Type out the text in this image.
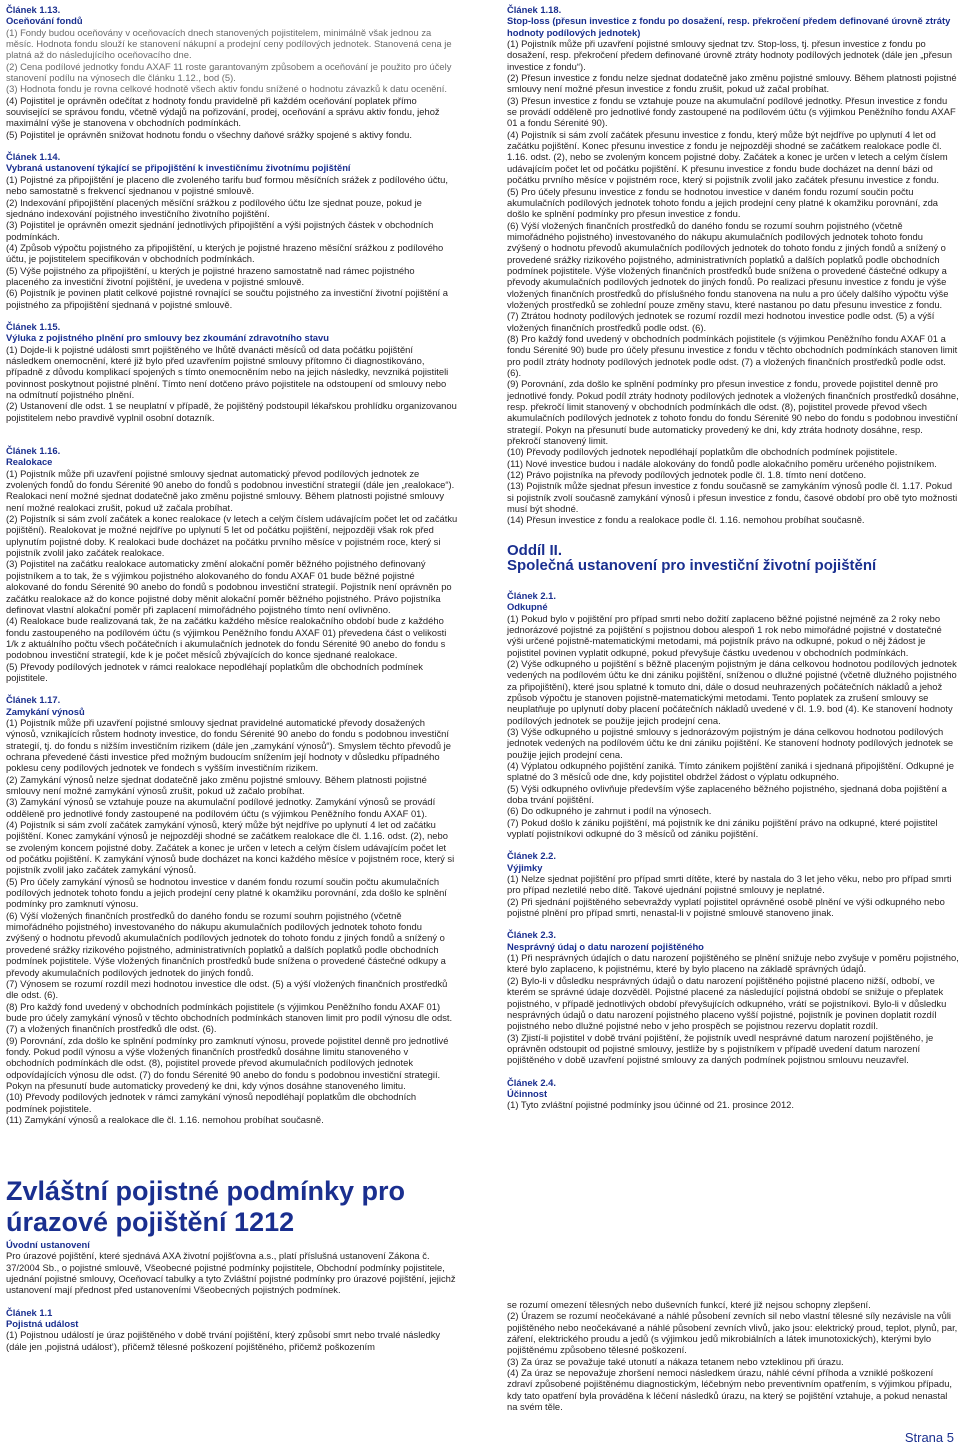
Článek 1.13.

Oceňování fondů

(1) Fondy budou oceňovány v oceňovacích dnech stanovených pojistitelem, minimálně však jednou za měsíc. Hodnota fondu slouží ke stanovení nákupní a prodejní ceny podílových jednotek. Stanovená cena je platná až do následujícího oceňovacího dne.

(2) Cena podílové jednotky fondu AXAF 11 roste garantovaným způsobem a oceňování je použito pro účely stanovení podílu na výnosech dle článku 1.12., bod (5).

(3) Hodnota fondu je rovna celkové hodnotě všech aktiv fondu snížené o hodnotu závazků k datu ocenění.

(4) Pojistitel je oprávněn odečítat z hodnoty fondu pravidelně při každém oceňování poplatek přímo související se správou fondu, včetně výdajů na pořizování, prodej, oceňování a správu aktiv fondu, jehož maximální výše je stanovena v obchodních podmínkách.

(5) Pojistitel je oprávněn snižovat hodnotu fondu o všechny daňové srážky spojené s aktivy fondu.

Článek 1.14.

Vybraná ustanovení týkající se připojištění k investičnímu životnímu pojištění

(1) Pojistné za připojištění je placeno dle zvoleného tarifu buď formou měsíčních srážek z podílového účtu, nebo samostatně s frekvencí sjednanou v pojistné smlouvě.

(2) Indexování připojištění placených měsíční srážkou z podílového účtu lze sjednat pouze, pokud je sjednáno indexování pojistného investičního životního pojištění.

(3) Pojistitel je oprávněn omezit sjednání jednotlivých připojištění a výši pojistných částek v obchodních podmínkách.

(4) Způsob výpočtu pojistného za připojištění, u kterých je pojistné hrazeno měsíční srážkou z podílového účtu, je pojistitelem specifikován v obchodních podmínkách.

(5) Výše pojistného za připojištění, u kterých je pojistné hrazeno samostatně nad rámec pojistného placeného za investiční životní pojištění, je uvedena v pojistné smlouvě.

(6) Pojistník je povinen platit celkové pojistné rovnající se součtu pojistného za investiční životní pojištění a pojistného za připojištění sjednaná v pojistné smlouvě.

Článek 1.15.

Výluka z pojistného plnění pro smlouvy bez zkoumání zdravotního stavu

(1) Dojde-li k pojistné události smrt pojištěného ve lhůtě dvanácti měsíců od data počátku pojištění následkem onemocnění, které již bylo před uzavřením pojistné smlouvy přítomno či diagnostikováno, případně z důvodu komplikací spojených s tímto onemocněním nebo na jejich následky, nevzniká pojistiteli povinnost poskytnout pojistné plnění. Tímto není dotčeno právo pojistitele na odstoupení od smlouvy nebo na odmítnutí pojistného plnění.

(2) Ustanovení dle odst. 1 se neuplatní v případě, že pojištěný podstoupil lékařskou prohlídku organizovanou pojistitelem nebo pravdivě vyplnil osobní dotazník.

Článek 1.16.

Realokace

(1) Pojistník může při uzavření pojistné smlouvy sjednat automatický převod podílových jednotek ze zvolených fondů do fondu Sérenité 90 anebo do fondů s podobnou investiční strategií (dále jen „realokace“). Realokaci není možné sjednat dodatečně jako změnu pojistné smlouvy. Během platnosti pojistné smlouvy není možné realokaci zrušit, pokud už začala probíhat.

(2) Pojistník si sám zvolí začátek a konec realokace (v letech a celým číslem udávajícím počet let od začátku pojištění). Realokovat je možné nejdříve po uplynutí 5 let od počátku pojištění, nejpozději však rok před uplynutím pojistné doby. K realokaci bude docházet na počátku prvního měsíce v pojistném roce, který si pojistník zvolil jako začátek realokace.

(3) Pojistitel na začátku realokace automaticky změní alokační poměr běžného pojistného definovaný pojistníkem a to tak, že s výjimkou pojistného alokovaného do fondu AXAF 01 bude běžné pojistné alokované do fondu Sérenité 90 anebo do fondů s podobnou investiční strategií. Pojistník není oprávněn po začátku realokace až do konce pojistné doby měnit alokační poměr běžného pojistného. Právo pojistníka definovat vlastní alokační poměr při zaplacení mimořádného pojistného tímto není ovlivněno.

(4) Realokace bude realizovaná tak, že na začátku každého měsíce realokačního období bude z každého fondu zastoupeného na podílovém účtu (s výjimkou Peněžního fondu AXAF 01) převedena část o velikosti 1/k z aktuálního počtu všech počátečních i akumulačních jednotek do fondu Sérenité 90 anebo do fondu s podobnou investiční strategií, kde k je počet měsíců zbývajících do konce sjednané realokace.

(5) Převody podílových jednotek v rámci realokace nepodléhají poplatkům dle obchodních podmínek pojistitele.

Článek 1.17.

Zamykání výnosů

(1) Pojistník může při uzavření pojistné smlouvy sjednat pravidelné automatické převody dosažených výnosů, vznikajících růstem hodnoty investice, do fondu Sérenité 90 anebo do fondu s podobnou investiční strategií, tj. do fondu s nižším investičním rizikem (dále jen „zamykání výnosů“). Smyslem těchto převodů je ochrana převedené části investice před možným budoucím snížením její hodnoty v důsledku případného poklesu ceny podílových jednotek ve fondech s vyšším investičním rizikem.

(2) Zamykání výnosů nelze sjednat dodatečně jako změnu pojistné smlouvy. Během platnosti pojistné smlouvy není možné zamykání výnosů zrušit, pokud už začalo probíhat.

(3) Zamykání výnosů se vztahuje pouze na akumulační podílové jednotky. Zamykání výnosů se provádí odděleně pro jednotlivé fondy zastoupené na podílovém účtu (s výjimkou Peněžního fondu AXAF 01).

(4) Pojistník si sám zvolí začátek zamykání výnosů, který může být nejdříve po uplynutí 4 let od začátku pojištění. Konec zamykání výnosů je nejpozději shodné se začátkem realokace dle čl. 1.16. odst. (2), nebo se zvoleným koncem pojistné doby. Začátek a konec je určen v letech a celým číslem udávajícím počet let od počátku pojištění. K zamykání výnosů bude docházet na konci každého měsíce v pojistném roce, který si pojistník zvolil jako začátek zamykání výnosů.

(5) Pro účely zamykání výnosů se hodnotou investice v daném fondu rozumí součin počtu akumulačních podílových jednotek tohoto fondu a jejich prodejní ceny platné k okamžiku porovnání, zda došlo ke splnění podmínky pro zamknutí výnosu.

(6) Výší vložených finančních prostředků do daného fondu se rozumí souhrn pojistného (včetně mimořádného pojistného) investovaného do nákupu akumulačních podílových jednotek tohoto fondu zvýšený o hodnotu převodů akumulačních podílových jednotek do tohoto fondu z jiných fondů a snížený o provedené srážky rizikového pojistného, administrativních poplatků a dalších poplatků podle obchodních podmínek pojistitele. Výše vložených finančních prostředků bude snížena o provedené částečné odkupy a převody akumulačních podílových jednotek do jiných fondů.

(7) Výnosem se rozumí rozdíl mezi hodnotou investice dle odst. (5) a výší vložených finančních prostředků dle odst. (6).

(8) Pro každý fond uvedený v obchodních podmínkách pojistitele (s výjimkou Peněžního fondu AXAF 01) bude pro účely zamykání výnosů v těchto obchodních podmínkách stanoven limit pro podíl výnosu dle odst. (7) a vložených finančních prostředků dle odst. (6).

(9) Porovnání, zda došlo ke splnění podmínky pro zamknutí výnosu, provede pojistitel denně pro jednotlivé fondy. Pokud podíl výnosu a výše vložených finančních prostředků dosáhne limitu stanoveného v obchodních podmínkách dle odst. (8), pojistitel provede převod akumulačních podílových jednotek odpovídajících výnosu dle odst. (7) do fondu Sérenité 90 anebo do fondu s podobnou investiční strategií. Pokyn na přesunutí bude automaticky provedený ke dni, kdy výnos dosáhne stanoveného limitu.

(10) Převody podílových jednotek v rámci zamykání výnosů nepodléhají poplatkům dle obchodních podmínek pojistitele.

(11) Zamykání výnosů a realokace dle čl. 1.16. nemohou probíhat současně.

Článek 1.18.

Stop-loss (přesun investice z fondu po dosažení, resp. překročení předem definované úrovně ztráty hodnoty podílových jednotek)

(1) Pojistník může při uzavření pojistné smlouvy sjednat tzv. Stop-loss, tj. přesun investice z fondu po dosažení, resp. překročení předem definované úrovně ztráty hodnoty podílových jednotek (dále jen „přesun investice z fondu“).

(2) Přesun investice z fondu nelze sjednat dodatečně jako změnu pojistné smlouvy. Během platnosti pojistné smlouvy není možné přesun investice z fondu zrušit, pokud už začal probíhat.

(3) Přesun investice z fondu se vztahuje pouze na akumulační podílové jednotky. Přesun investice z fondu se provádí odděleně pro jednotlivé fondy zastoupené na podílovém účtu (s výjimkou Peněžního fondu AXAF 01 a fondu Sérenité 90).

(4) Pojistník si sám zvolí začátek přesunu investice z fondu, který může být nejdříve po uplynutí 4 let od začátku pojištění. Konec přesunu investice z fondu je nejpozději shodné se začátkem realokace podle čl. 1.16. odst. (2), nebo se zvoleným koncem pojistné doby. Začátek a konec je určen v letech a celým číslem udávajícím počet let od počátku pojištění. K přesunu investice z fondu bude docházet na denní bázi od počátku prvního měsíce v pojistném roce, který si pojistník zvolil jako začátek přesunu investice z fondu.

(5) Pro účely přesunu investice z fondu se hodnotou investice v daném fondu rozumí součin počtu akumulačních podílových jednotek tohoto fondu a jejich prodejní ceny platné k okamžiku porovnání, zda došlo ke splnění podmínky pro přesun investice z fondu.

(6) Výší vložených finančních prostředků do daného fondu se rozumí souhrn pojistného (včetně mimořádného pojistného) investovaného do nákupu akumulačních podílových jednotek tohoto fondu zvýšený o hodnotu převodů akumulačních podílových jednotek do tohoto fondu z jiných fondů a snížený o provedené srážky rizikového pojistného, administrativních poplatků a dalších poplatků podle obchodních podmínek pojistitele. Výše vložených finančních prostředků bude snížena o provedené částečné odkupy a převody akumulačních podílových jednotek do jiných fondů. Po realizaci přesunu investice z fondu je výše vložených finančních prostředků do příslušného fondu stanovena na nulu a pro účely dalšího výpočtu výše vložených prostředků se zohlední pouze změny stavu, které nastanou po datu přesunu investice z fondu.

(7) Ztrátou hodnoty podílových jednotek se rozumí rozdíl mezi hodnotou investice podle odst. (5) a výší vložených finančních prostředků podle odst. (6).

(8) Pro každý fond uvedený v obchodních podmínkách pojistitele (s výjimkou Peněžního fondu AXAF 01 a fondu Sérenité 90) bude pro účely přesunu investice z fondu v těchto obchodních podmínkách stanoven limit pro podíl ztráty hodnoty podílových jednotek podle odst. (7) a vložených finančních prostředků podle odst. (6).

(9) Porovnání, zda došlo ke splnění podmínky pro přesun investice z fondu, provede pojistitel denně pro jednotlivé fondy. Pokud podíl ztráty hodnoty podílových jednotek a vložených finančních prostředků dosáhne, resp. překročí limit stanovený v obchodních podmínkách dle odst. (8), pojistitel provede převod všech akumulačních podílových jednotek z tohoto fondu do fondu Sérenité 90 nebo do fondu s podobnou investiční strategií. Pokyn na přesunutí bude automaticky provedený ke dni, kdy ztráta hodnoty dosáhne, resp. překročí stanovený limit.

(10) Převody podílových jednotek nepodléhají poplatkům dle obchodních podmínek pojistitele.

(11) Nové investice budou i nadále alokovány do fondů podle alokačního poměru určeného pojistníkem.

(12) Právo pojistníka na převody podílových jednotek podle čl. 1.8. tímto není dotčeno.

(13) Pojistník může sjednat přesun investice z fondu současně se zamykáním výnosů podle čl. 1.17. Pokud si pojistník zvolí současně zamykání výnosů i přesun investice z fondu, časové období pro obě tyto možnosti musí být shodné.

(14) Přesun investice z fondu a realokace podle čl. 1.16. nemohou probíhat současně.

Oddíl II.

Společná ustanovení pro investiční životní pojištění

Článek 2.1.

Odkupné

(1) Pokud bylo v pojištění pro případ smrti nebo dožití zaplaceno běžné pojistné nejméně za 2 roky nebo jednorázové pojistné za pojištění s pojistnou dobou alespoň 1 rok nebo mimořádné pojistné v dostatečné výši určené pojistně-matematickými metodami, má pojistník právo na odkupné, pokud o něj žádost je pojistitel povinen vyplatit odkupné, pokud převyšuje částku uvedenou v obchodních podmínkách.

(2) Výše odkupného u pojištění s běžně placeným pojistným je dána celkovou hodnotou podílových jednotek vedených na podílovém účtu ke dni zániku pojištění, sníženou o dlužné pojistné (včetně dlužného pojistného za připojištění), které jsou splatné k tomuto dni, dále o dosud neuhrazených počátečních nákladů a jehož způsob výpočtu je stanoven pojistně-matematickými metodami. Tento poplatek za zrušení smlouvy se neuplatňuje po uplynutí doby placení počátečních nákladů uvedené v čl. 1.9. bod (4). Ke stanovení hodnoty podílových jednotek se použije jejich prodejní cena.

(3) Výše odkupného u pojistné smlouvy s jednorázovým pojistným je dána celkovou hodnotou podílových jednotek vedených na podílovém účtu ke dni zániku pojištění. Ke stanovení hodnoty podílových jednotek se použije jejich prodejní cena.

(4) Výplatou odkupného pojištění zaniká. Tímto zánikem pojištění zaniká i sjednaná připojištění. Odkupné je splatné do 3 měsíců ode dne, kdy pojistitel obdržel žádost o výplatu odkupného.

(5) Výši odkupného ovlivňuje především výše zaplaceného běžného pojistného, sjednaná doba pojištění a doba trvání pojištění.

(6) Do odkupného je zahrnut i podíl na výnosech.

(7) Pokud došlo k zániku pojištění, má pojistník ke dni zániku pojištění právo na odkupné, které pojistitel vyplatí pojistníkovi odkupné do 3 měsíců od zániku pojištění.

Článek 2.2.

Výjimky

(1) Nelze sjednat pojištění pro případ smrti dítěte, které by nastala do 3 let jeho věku, nebo pro případ smrti pro případ nezletilé nebo dítě. Takové ujednání pojistné smlouvy je neplatné.

(2) Při sjednání pojištěného sebevraždy vyplatí pojistitel oprávněné osobě plnění ve výši odkupného nebo pojistné plnění pro případ smrti, nenastal-li v pojistné smlouvě stanoveno jinak.

Článek 2.3.

Nesprávný údaj o datu narození pojištěného

(1) Při nesprávných údajích o datu narození pojištěného se plnění snižuje nebo zvyšuje v poměru pojistného, které bylo zaplaceno, k pojistnému, které by bylo placeno na základě správných údajů.

(2) Bylo-li v důsledku nesprávných údajů o datu narození pojištěného pojistné placeno nižší, odbobí, ve kterém se správné údaje dozvěděl. Pojistné placené za následující pojistná období se snižuje o přeplatek pojistného, v případě jednotlivých období převyšujících odkupného, vrátí se pojistníkovi. Bylo-li v důsledku nesprávných údajů o datu narození pojistného placeno vyšší pojistné, pojistník je povinen doplatit rozdíl pojistného nebo dlužné pojistné nebo v jeho prospěch se pojistnou rezervu doplatit rozdíl.

(3) Zjistí-li pojistitel v době trvání pojištění, že pojistník uvedl nesprávné datum narození pojištěného, je oprávněn odstoupit od pojistné smlouvy, jestliže by s pojistníkem v případě uvedení datum narození pojištěného v době uzavření pojistné smlouvy za daných podmínek pojistnou smlouvu neuzavřel.

Článek 2.4.

Účinnost

(1) Tyto zvláštní pojistné podmínky jsou účinné od 21. prosince 2012.

Zvláštní pojistné podmínky pro úrazové pojištění 1212

Úvodní ustanovení

Pro úrazové pojištění, které sjednává AXA životní pojišťovna a.s., platí příslušná ustanovení Zákona č. 37/2004 Sb., o pojistné smlouvě, Všeobecné pojistné podmínky pojistitele, Obchodní podmínky pojistitele, ujednání pojistné smlouvy, Oceňovací tabulky a tyto Zvláštní pojistné podmínky pro úrazové pojištění, jejichž ustanovení mají přednost před ustanoveními Všeobecných pojistných podmínek.

Článek 1.1

Pojistná událost

(1) Pojistnou událostí je úraz pojištěného v době trvání pojištění, který způsobí smrt nebo trvalé následky (dále jen ‚pojistná událost‘), přičemž tělesné poškození pojištěného, přičemž poškozením

se rozumí omezení tělesných nebo duševních funkcí, které již nejsou schopny zlepšení.

(2) Úrazem se rozumí neočekávané a náhlé působení zevních sil nebo vlastní tělesné síly nezávisle na vůli pojištěného nebo neočekávané a náhlé působení zevních vlivů, jako jsou: elektrický proud, teplot, plynů, par, záření, elektrického proudu a jedů (s výjimkou jedů mikrobiálních a látek imunotoxických), kterými bylo pojištěnému způsobeno tělesné poškození.

(3) Za úraz se považuje také utonutí a nákaza tetanem nebo vzteklinou při úrazu.

(4) Za úraz se nepovažuje zhoršení nemoci následkem úrazu, náhlé cévní příhoda a vzniklé poškození zdraví způsobené pojištěnému diagnostickým, léčebným nebo preventivním opatřením, s výjimkou případu, kdy tato opatření byla prováděna k léčení následků úrazu, na který se pojištění vztahuje, a pokud nenastal na svém těle.

Strana 5
